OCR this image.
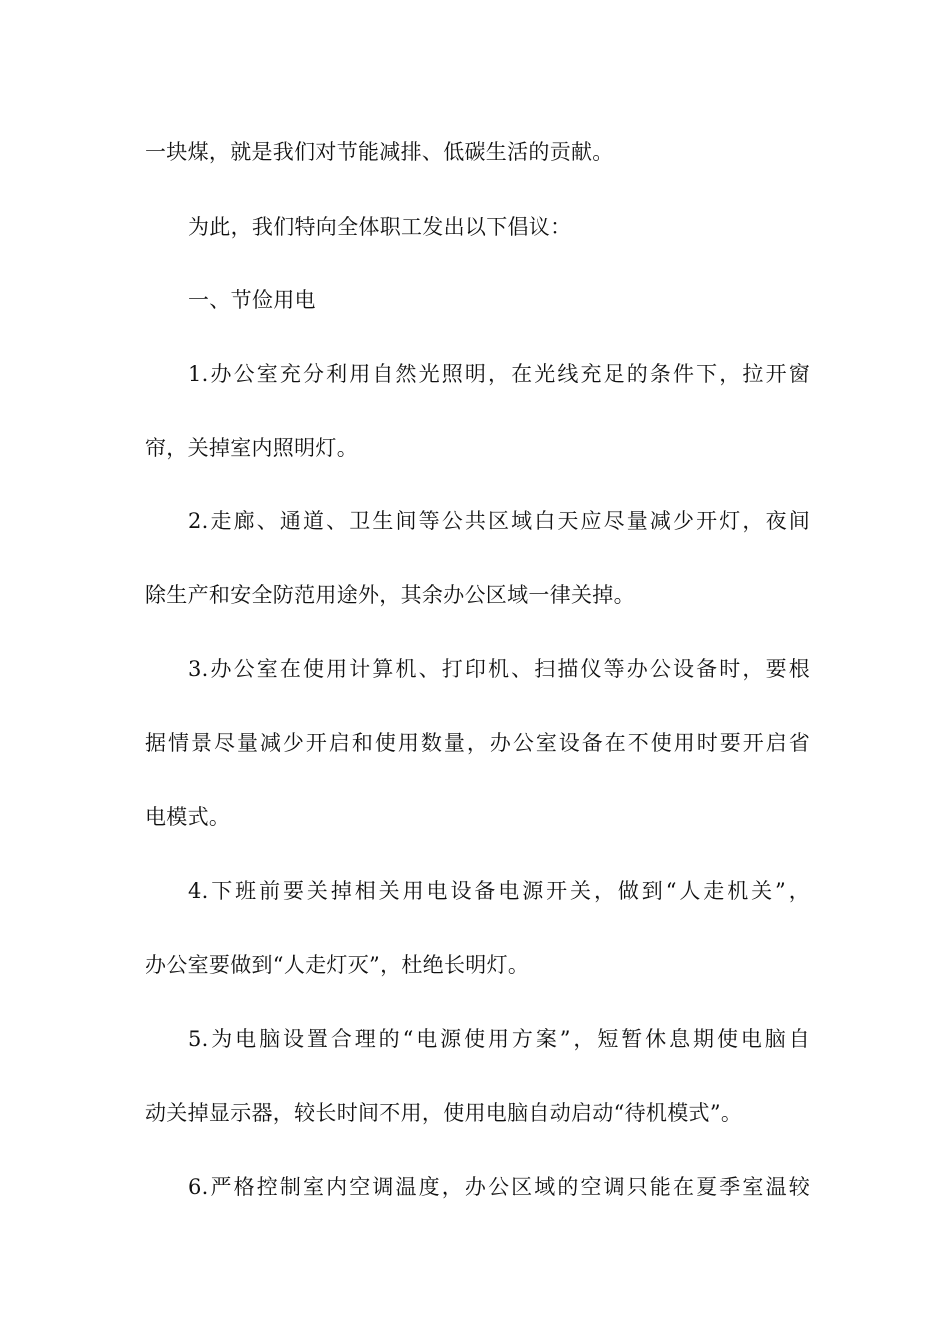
一块煤，就是我们对节能减排、低碳生活的贡献。
为此，我们特向全体职工发出以下倡议：
一、节俭用电
1.办公室充分利用自然光照明，在光线充足的条件下，拉开窗
帘，关掉室内照明灯。
2.走廊、通道、卫生间等公共区域白天应尽量减少开灯，夜间
除生产和安全防范用途外，其余办公区域一律关掉。
3.办公室在使用计算机、打印机、扫描仪等办公设备时，要根
据情景尽量减少开启和使用数量，办公室设备在不使用时要开启省
电模式。
4.下班前要关掉相关用电设备电源开关，做到“人走机关”，
办公室要做到“人走灯灭”，杜绝长明灯。
5.为电脑设置合理的“电源使用方案”，短暂休息期使电脑自
动关掉显示器，较长时间不用，使用电脑自动启动“待机模式”。
6.严格控制室内空调温度，办公区域的空调只能在夏季室温较
